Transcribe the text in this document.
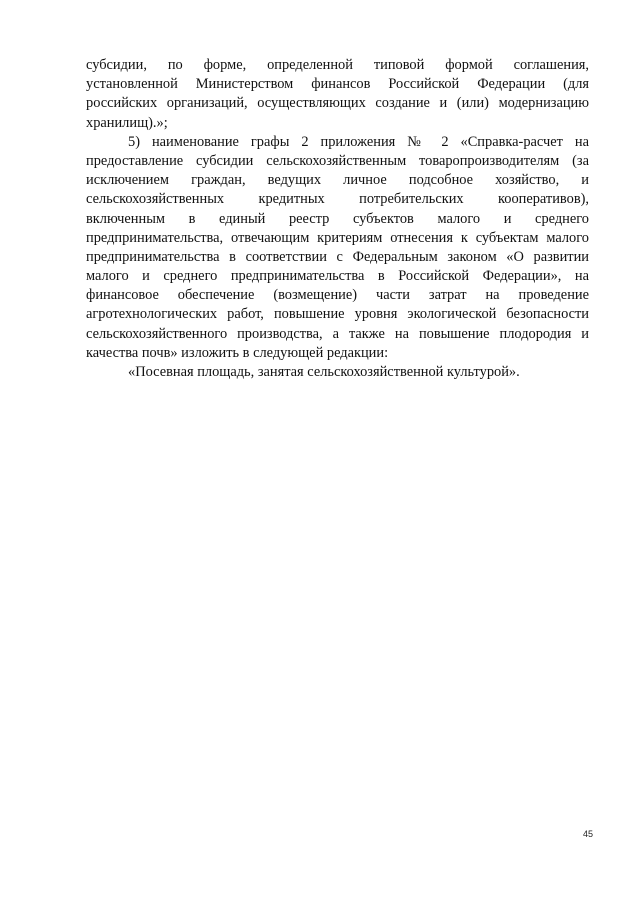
субсидии, по форме, определенной типовой формой соглашения,
установленной Министерством финансов Российской Федерации (для
российских организаций, осуществляющих создание и (или) модернизацию
хранилищ).»;
5) наименование графы 2 приложения № 2 «Справка-расчет на
предоставление субсидии сельскохозяйственным товаропроизводителям (за
исключением граждан, ведущих личное подсобное хозяйство, и
сельскохозяйственных кредитных потребительских кооперативов),
включенным в единый реестр субъектов малого и среднего
предпринимательства, отвечающим критериям отнесения к субъектам малого
предпринимательства в соответствии с Федеральным законом «О развитии
малого и среднего предпринимательства в Российской Федерации», на
финансовое обеспечение (возмещение) части затрат на проведение
агротехнологических работ, повышение уровня экологической безопасности
сельскохозяйственного производства, а также на повышение плодородия и
качества почв» изложить в следующей редакции:
«Посевная площадь, занятая сельскохозяйственной культурой».
45
